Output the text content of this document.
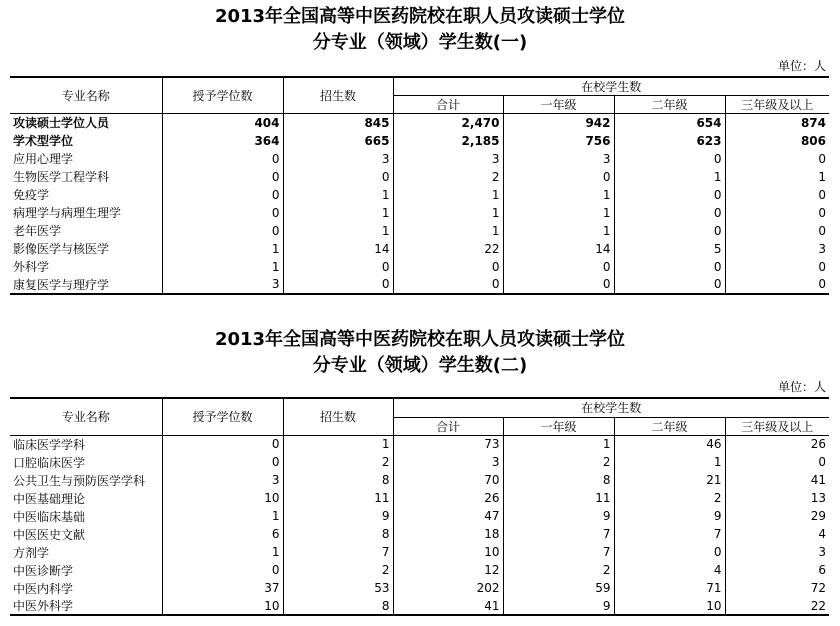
2013年全国高等中医药院校在职人员攻读硕士学位
分专业（领域）学生数(一)
单位：人
专业名称	授予学位数	招生数	在校学生数			
			合计	一年级	二年级	三年级及以上
攻读硕士学位人员	404	845	2,470	942	654	874
学术型学位	364	665	2,185	756	623	806
应用心理学	0	3	3	3	0	0
生物医学工程学科	0	0	2	0	1	1
免疫学	0	1	1	1	0	0
病理学与病理生理学	0	1	1	1	0	0
老年医学	0	1	1	1	0	0
影像医学与核医学	1	14	22	14	5	3
外科学	1	0	0	0	0	0
康复医学与理疗学	3	0	0	0	0	0
2013年全国高等中医药院校在职人员攻读硕士学位
分专业（领域）学生数(二)
单位：人
专业名称	授予学位数	招生数	在校学生数			
			合计	一年级	二年级	三年级及以上
临床医学学科	0	1	73	1	46	26
口腔临床医学	0	2	3	2	1	0
公共卫生与预防医学学科	3	8	70	8	21	41
中医基础理论	10	11	26	11	2	13
中医临床基础	1	9	47	9	9	29
中医医史文献	6	8	18	7	7	4
方剂学	1	7	10	7	0	3
中医诊断学	0	2	12	2	4	6
中医内科学	37	53	202	59	71	72
中医外科学	10	8	41	9	10	22
